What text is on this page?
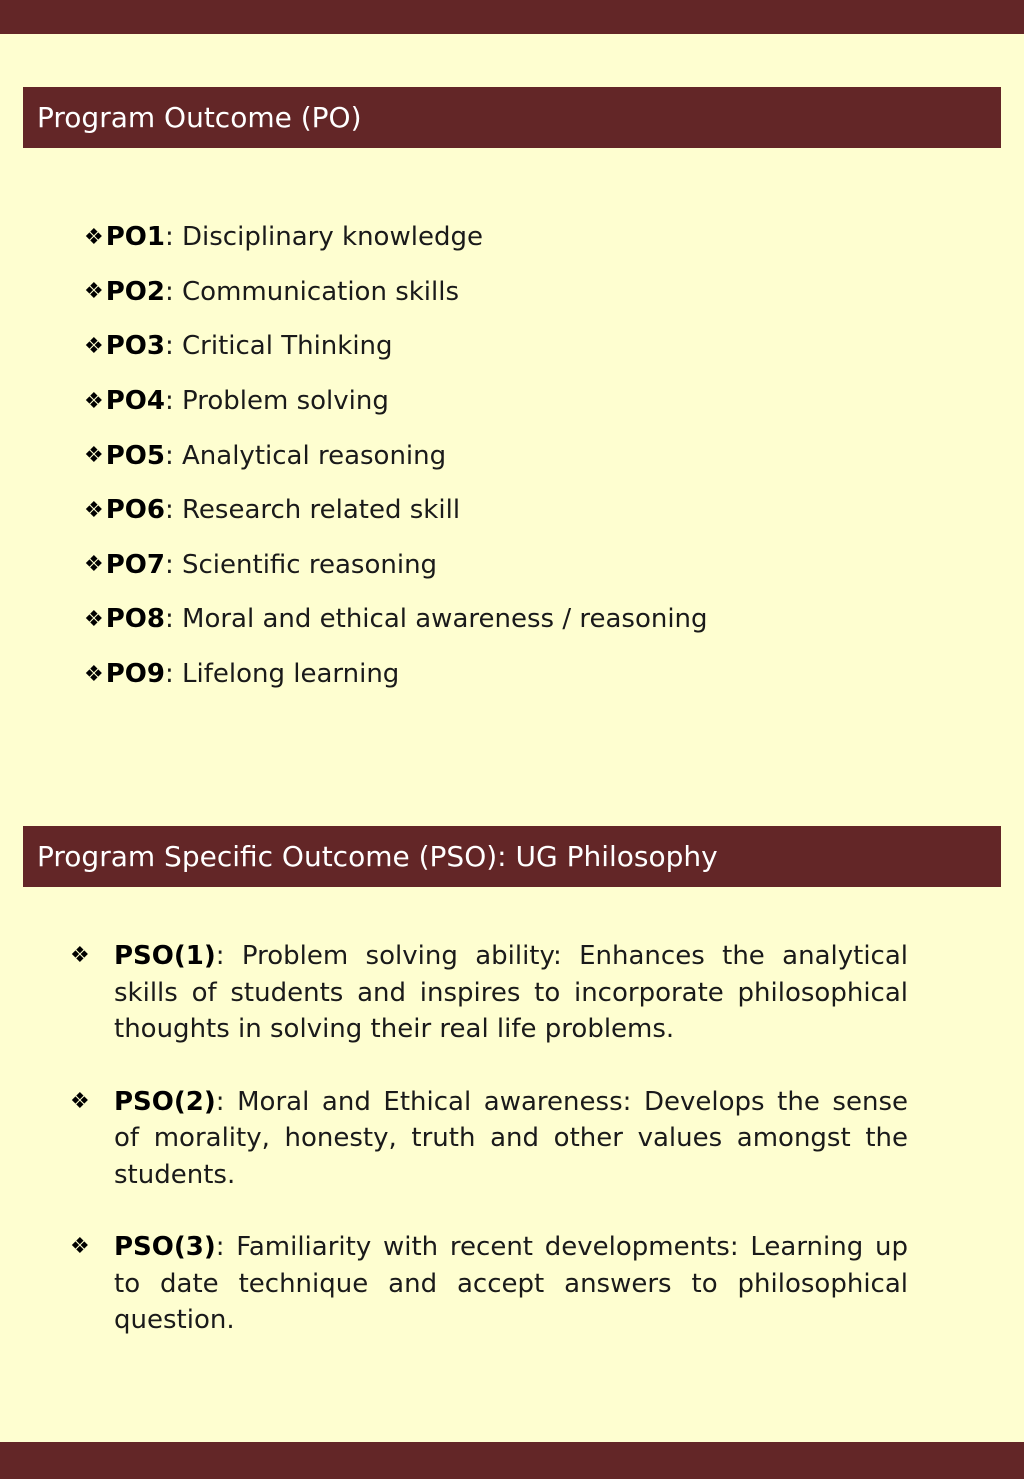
Program Outcome (PO)
❖ PO1 : Disciplinary knowledge
❖ PO2 : Communication skills
❖ PO3 : Critical Thinking
❖ PO4 : Problem solving
❖ PO5 : Analytical reasoning
❖ PO6 : Research related skill
❖ PO7 : Scientific reasoning
❖ PO8 : Moral and ethical awareness / reasoning
❖ PO9 : Lifelong learning
Program Specific Outcome (PSO): UG Philosophy
❖ PSO(1): Problem solving ability: Enhances the analytical skills of students and inspires to incorporate philosophical thoughts in solving their real life problems.
❖ PSO(2): Moral and Ethical awareness: Develops the sense of morality, honesty, truth and other values amongst the students.
❖ PSO(3): Familiarity with recent developments: Learning up to date technique and accept answers to philosophical question.
